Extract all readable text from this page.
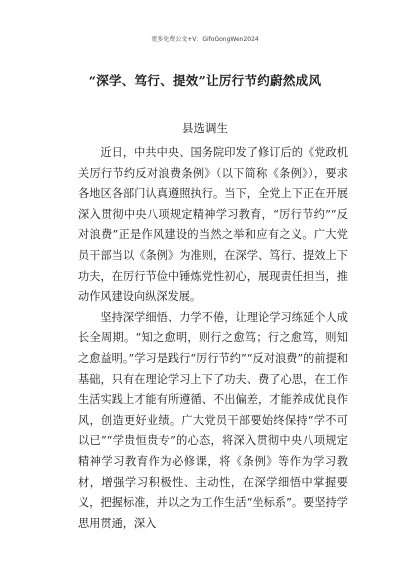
更多免费公文+V：GifoGongWen2024
“深学、笃行、提效”让厉行节约蔚然成风
县选调生

近日，中共中央、国务院印发了修订后的《党政机关厉行节约反对浪费条例》（以下简称《条例》），要求各地区各部门认真遵照执行。当下，全党上下正在开展深入贯彻中央八项规定精神学习教育，“厉行节约”“反对浪费”正是作风建设的当然之举和应有之义。广大党员干部当以《条例》为准则，在深学、笃行、提效上下功夫，在厉行节俭中锤炼党性初心，展现责任担当，推动作风建设向纵深发展。

坚持深学细悟、力学不倦，让理论学习练延个人成长全周期。“知之愈明，则行之愈笃；行之愈笃，则知之愈益明。”学习是践行“厉行节约”“反对浪费”的前提和基础，只有在理论学习上下了功夫、费了心思，在工作生活实践上才能有所遵循、不出偏差，才能养成优良作风，创造更好业绩。广大党员干部要始终保持“学不可以已”“学贵恒贵专”的心态，将深入贯彻中央八项规定精神学习教育作为必修课，将《条例》等作为学习教材，增强学习积极性、主动性，在深学细悟中掌握要义，把握标准，并以之为工作生活“坐标系”。要坚持学思用贯通，深入
